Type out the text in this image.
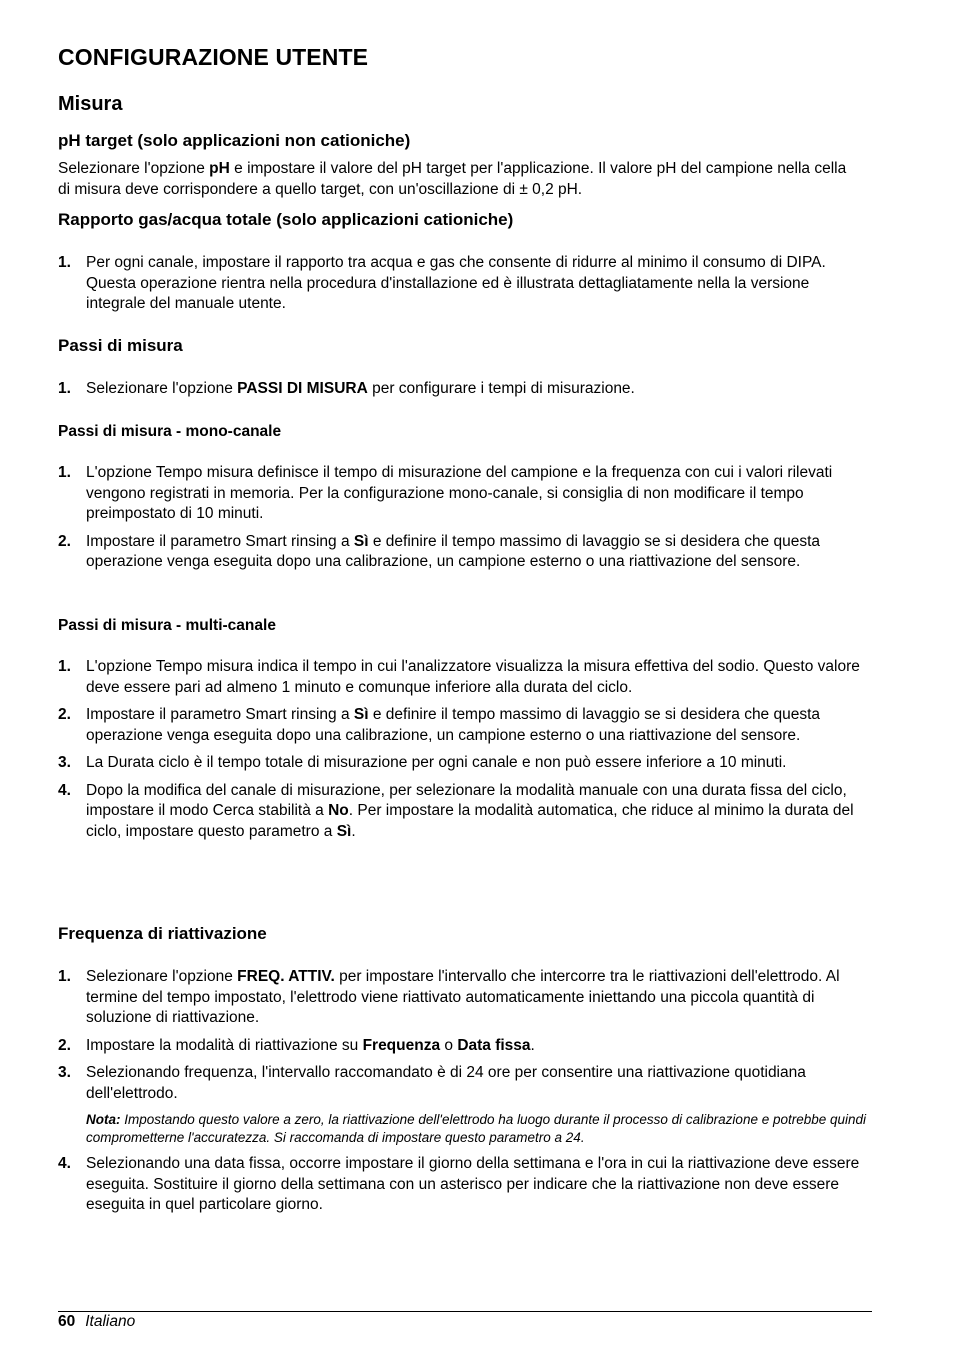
CONFIGURAZIONE UTENTE
Misura
pH target (solo applicazioni non cationiche)

Selezionare l'opzione pH e impostare il valore del pH target per l'applicazione. Il valore pH del campione nella cella di misura deve corrispondere a quello target, con un'oscillazione di ± 0,2 pH.

Rapporto gas/acqua totale (solo applicazioni cationiche)
1. Per ogni canale, impostare il rapporto tra acqua e gas che consente di ridurre al minimo il consumo di DIPA. Questa operazione rientra nella procedura d'installazione ed è illustrata dettagliatamente nella la versione integrale del manuale utente.
Passi di misura
1. Selezionare l'opzione PASSI DI MISURA per configurare i tempi di misurazione.
Passi di misura - mono-canale
1. L'opzione Tempo misura definisce il tempo di misurazione del campione e la frequenza con cui i valori rilevati vengono registrati in memoria. Per la configurazione mono-canale, si consiglia di non modificare il tempo preimpostato di 10 minuti.
2. Impostare il parametro Smart rinsing a Sì e definire il tempo massimo di lavaggio se si desidera che questa operazione venga eseguita dopo una calibrazione, un campione esterno o una riattivazione del sensore.
Passi di misura - multi-canale
1. L'opzione Tempo misura indica il tempo in cui l'analizzatore visualizza la misura effettiva del sodio. Questo valore deve essere pari ad almeno 1 minuto e comunque inferiore alla durata del ciclo.
2. Impostare il parametro Smart rinsing a Sì e definire il tempo massimo di lavaggio se si desidera che questa operazione venga eseguita dopo una calibrazione, un campione esterno o una riattivazione del sensore.
3. La Durata ciclo è il tempo totale di misurazione per ogni canale e non può essere inferiore a 10 minuti.
4. Dopo la modifica del canale di misurazione, per selezionare la modalità manuale con una durata fissa del ciclo, impostare il modo Cerca stabilità a No. Per impostare la modalità automatica, che riduce al minimo la durata del ciclo, impostare questo parametro a Sì.
Frequenza di riattivazione
1. Selezionare l'opzione FREQ. ATTIV. per impostare l'intervallo che intercorre tra le riattivazioni dell'elettrodo. Al termine del tempo impostato, l'elettrodo viene riattivato automaticamente iniettando una piccola quantità di soluzione di riattivazione.
2. Impostare la modalità di riattivazione su Frequenza o Data fissa.
3. Selezionando frequenza, l'intervallo raccomandato è di 24 ore per consentire una riattivazione quotidiana dell'elettrodo.
Nota: Impostando questo valore a zero, la riattivazione dell'elettrodo ha luogo durante il processo di calibrazione e potrebbe quindi comprometterne l'accuratezza. Si raccomanda di impostare questo parametro a 24.
4. Selezionando una data fissa, occorre impostare il giorno della settimana e l'ora in cui la riattivazione deve essere eseguita. Sostituire il giorno della settimana con un asterisco per indicare che la riattivazione non deve essere eseguita in quel particolare giorno.
60 Italiano
